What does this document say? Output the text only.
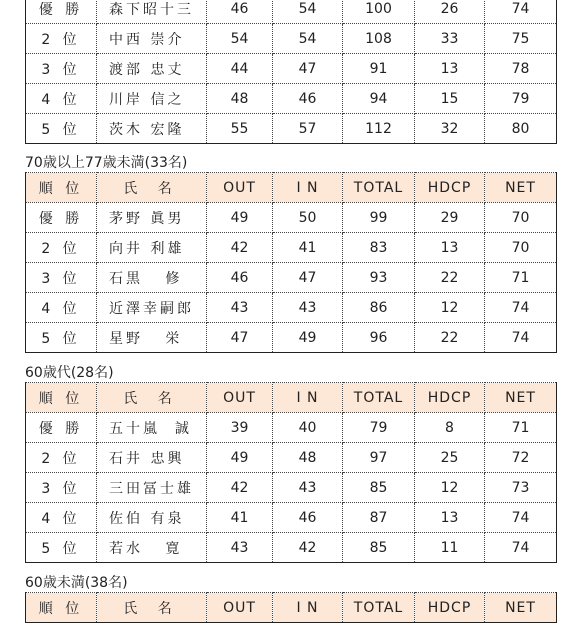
優 勝	森下昭十三	46	54	100	26	74
2 位	中西 崇介	54	54	108	33	75
3 位	渡部 忠丈	44	47	91	13	78
4 位	川岸 信之	48	46	94	15	79
5 位	茨木 宏隆	55	57	112	32	80
70歳以上77歳未満(33名)
順 位	氏 名	OUT	I N	TOTAL	HDCP	NET
優 勝	茅野 眞男	49	50	99	29	70
2 位	向井 利雄	42	41	83	13	70
3 位	石黒   修	46	47	93	22	71
4 位	近澤幸嗣郎	43	43	86	12	74
5 位	星野   栄	47	49	96	22	74
60歳代(28名)
順 位	氏 名	OUT	I N	TOTAL	HDCP	NET
優 勝	五十嵐  誠	39	40	79	8	71
2 位	石井 忠興	49	48	97	25	72
3 位	三田冨士雄	42	43	85	12	73
4 位	佐伯 有泉	41	46	87	13	74
5 位	若水   寛	43	42	85	11	74
60歳未満(38名)
順 位	氏 名	OUT	I N	TOTAL	HDCP	NET
